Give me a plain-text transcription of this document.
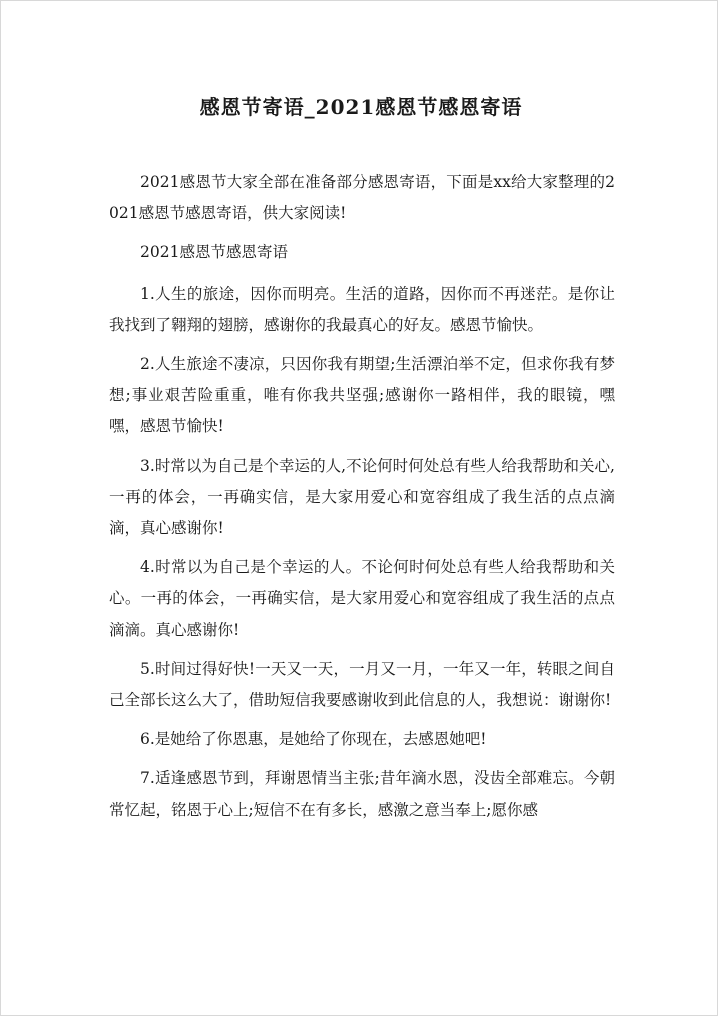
感恩节寄语_2021感恩节感恩寄语

2021感恩节大家全部在准备部分感恩寄语，下面是xx给大家整理的2021感恩节感恩寄语，供大家阅读!

2021感恩节感恩寄语

1.人生的旅途，因你而明亮。生活的道路，因你而不再迷茫。是你让我找到了翱翔的翅膀，感谢你的我最真心的好友。感恩节愉快。

2.人生旅途不凄凉，只因你我有期望;生活漂泊举不定，但求你我有梦想;事业艰苦险重重，唯有你我共坚强;感谢你一路相伴，我的眼镜，嘿嘿，感恩节愉快!

3.时常以为自己是个幸运的人,不论何时何处总有些人给我帮助和关心,一再的体会，一再确实信，是大家用爱心和宽容组成了我生活的点点滴滴，真心感谢你!

4.时常以为自己是个幸运的人。不论何时何处总有些人给我帮助和关心。一再的体会，一再确实信，是大家用爱心和宽容组成了我生活的点点滴滴。真心感谢你!

5.时间过得好快!一天又一天，一月又一月，一年又一年，转眼之间自己全部长这么大了，借助短信我要感谢收到此信息的人，我想说：谢谢你!

6.是她给了你恩惠，是她给了你现在，去感恩她吧!

7.适逢感恩节到，拜谢恩情当主张;昔年滴水恩，没齿全部难忘。今朝常忆起，铭恩于心上;短信不在有多长，感激之意当奉上;愿你感
